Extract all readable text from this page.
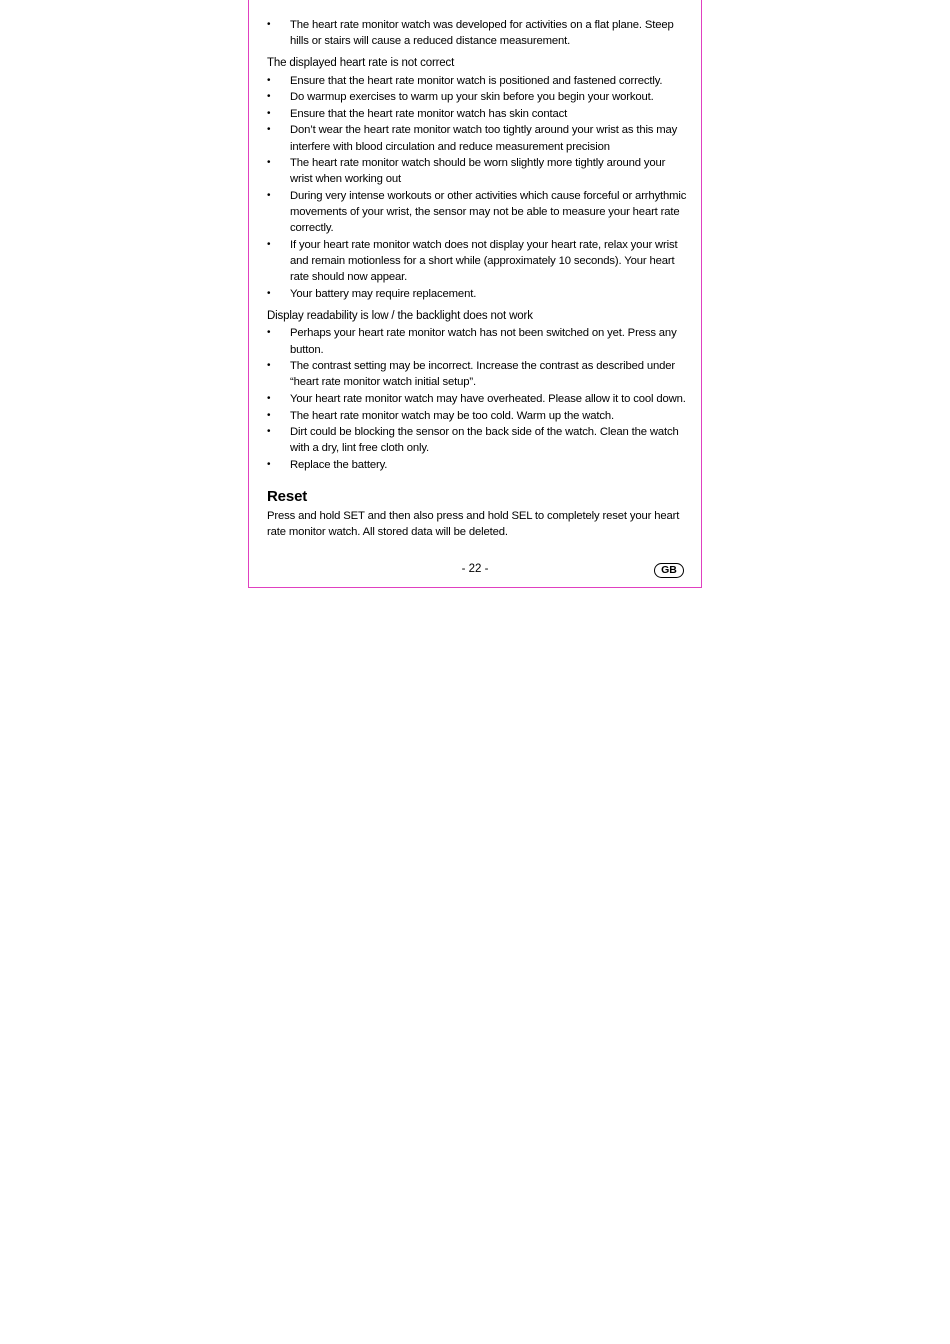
• The heart rate monitor watch was developed for activities on a flat plane. Steep hills or stairs will cause a reduced distance measurement.
The displayed heart rate is not correct
• Ensure that the heart rate monitor watch is positioned and fastened correctly.
• Do warmup exercises to warm up your skin before you begin your workout.
• Ensure that the heart rate monitor watch has skin contact
• Don’t wear the heart rate monitor watch too tightly around your wrist as this may interfere with blood circulation and reduce measurement precision
• The heart rate monitor watch should be worn slightly more tightly around your wrist when working out
• During very intense workouts or other activities which cause forceful or arrhythmic movements of your wrist, the sensor may not be able to measure your heart rate correctly.
• If your heart rate monitor watch does not display your heart rate, relax your wrist and remain motionless for a short while (approximately 10 seconds). Your heart rate should now appear.
• Your battery may require replacement.
Display readability is low / the backlight does not work
• Perhaps your heart rate monitor watch has not been switched on yet. Press any button.
• The contrast setting may be incorrect. Increase the contrast as described under “heart rate monitor watch initial setup”.
• Your heart rate monitor watch may have overheated. Please allow it to cool down.
• The heart rate monitor watch may be too cold. Warm up the watch.
• Dirt could be blocking the sensor on the back side of the watch. Clean the watch with a dry, lint free cloth only.
• Replace the battery.
Reset

Press and hold SET and then also press and hold SEL to completely reset your heart rate monitor watch. All stored data will be deleted.

- 22 -	GB
